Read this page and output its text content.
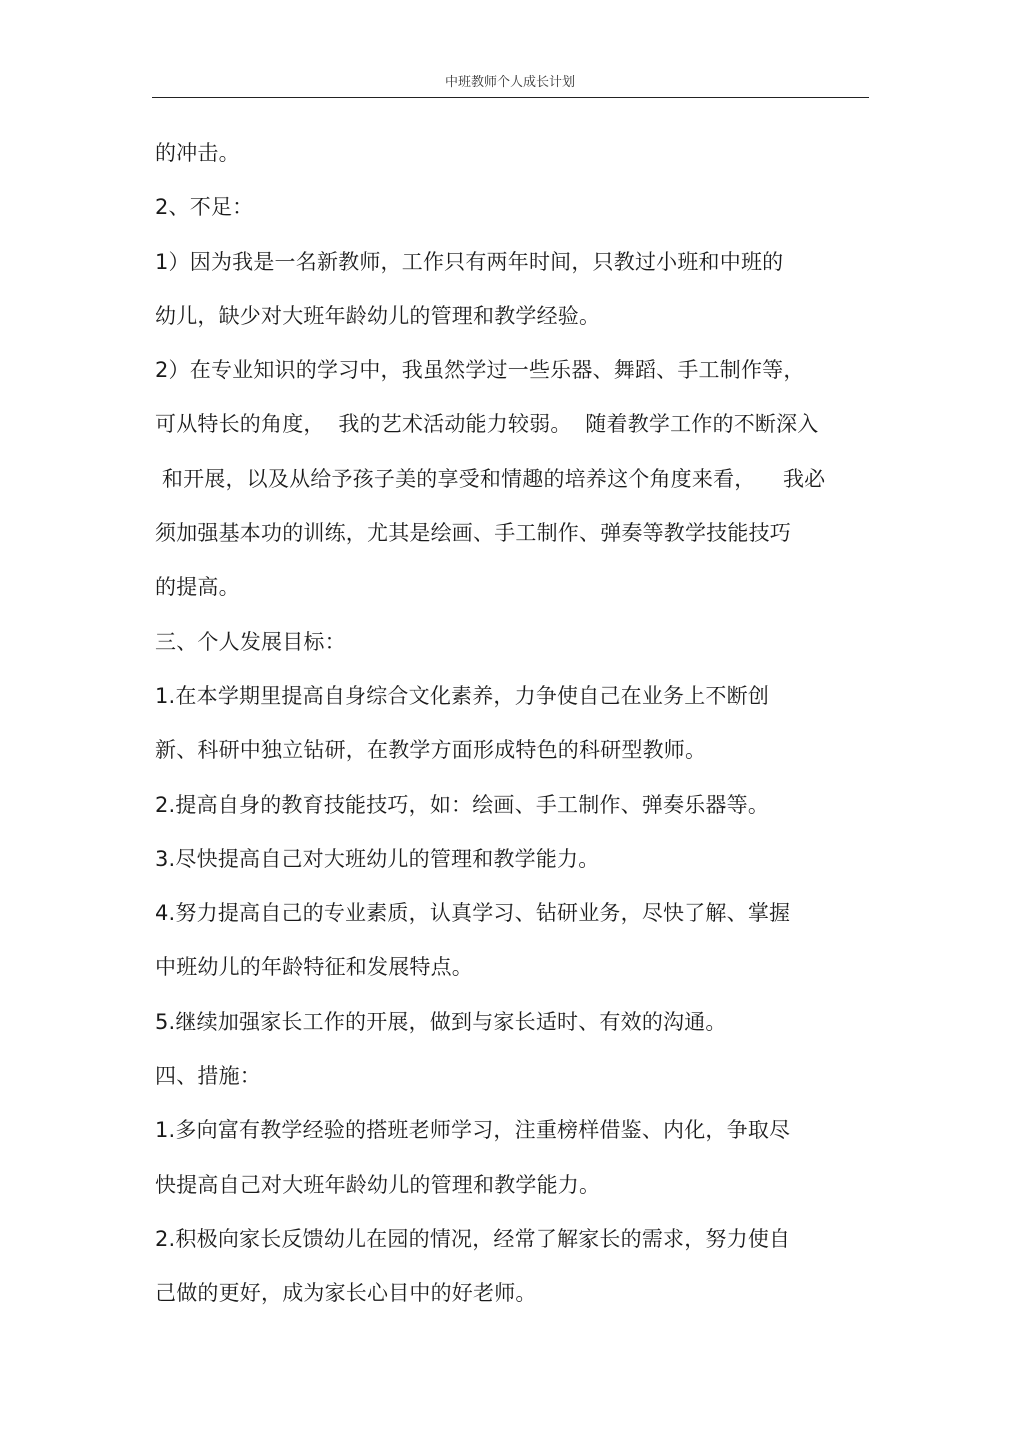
中班教师个人成长计划
的冲击。
2、不足：
1）因为我是一名新教师，工作只有两年时间，只教过小班和中班的
幼儿，缺少对大班年龄幼儿的管理和教学经验。
2）在专业知识的学习中，我虽然学过一些乐器、舞蹈、手工制作等，
可从特长的角度，  我的艺术活动能力较弱。  随着教学工作的不断深入
和开展，以及从给予孩子美的享受和情趣的培养这个角度来看，    我必
须加强基本功的训练，尤其是绘画、手工制作、弹奏等教学技能技巧
的提高。
三、个人发展目标：
1.在本学期里提高自身综合文化素养，力争使自己在业务上不断创
新、科研中独立钻研，在教学方面形成特色的科研型教师。
2.提高自身的教育技能技巧，如：绘画、手工制作、弹奏乐器等。
3.尽快提高自己对大班幼儿的管理和教学能力。
4.努力提高自己的专业素质，认真学习、钻研业务，尽快了解、掌握
中班幼儿的年龄特征和发展特点。
5.继续加强家长工作的开展，做到与家长适时、有效的沟通。
四、措施：
1.多向富有教学经验的搭班老师学习，注重榜样借鉴、内化，争取尽
快提高自己对大班年龄幼儿的管理和教学能力。
2.积极向家长反馈幼儿在园的情况，经常了解家长的需求，努力使自
己做的更好，成为家长心目中的好老师。
